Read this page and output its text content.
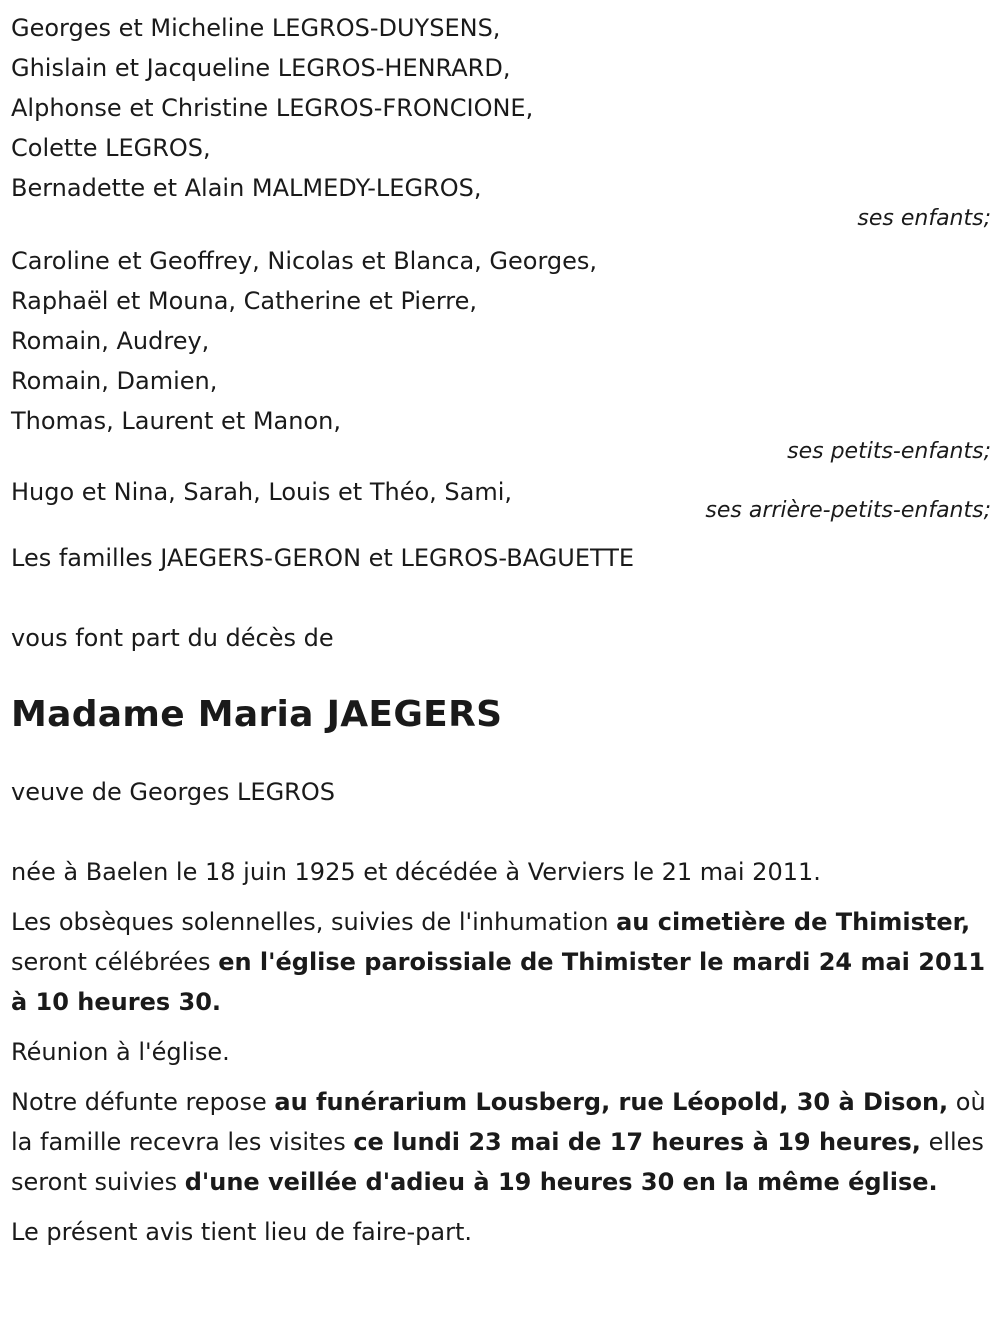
Georges et Micheline LEGROS-DUYSENS,
Ghislain et Jacqueline LEGROS-HENRARD,
Alphonse et Christine LEGROS-FRONCIONE,
Colette LEGROS,
Bernadette et Alain MALMEDY-LEGROS,
ses enfants;
Caroline et Geoffrey, Nicolas et Blanca, Georges,
Raphaël et Mouna, Catherine et Pierre,
Romain, Audrey,
Romain, Damien,
Thomas, Laurent et Manon,
ses petits-enfants;
Hugo et Nina, Sarah, Louis et Théo, Sami,
ses arrière-petits-enfants;
Les familles JAEGERS-GERON et LEGROS-BAGUETTE
vous font part du décès de
Madame Maria JAEGERS
veuve de Georges LEGROS
née à Baelen le 18 juin 1925 et décédée à Verviers le 21 mai 2011.
Les obsèques solennelles, suivies de l'inhumation au cimetière de Thimister, seront célébrées en l'église paroissiale de Thimister le mardi 24 mai 2011 à 10 heures 30.
Réunion à l'église.
Notre défunte repose au funérarium Lousberg, rue Léopold, 30 à Dison, où la famille recevra les visites ce lundi 23 mai de 17 heures à 19 heures, elles seront suivies d'une veillée d'adieu à 19 heures 30 en la même église.
Le présent avis tient lieu de faire-part.
